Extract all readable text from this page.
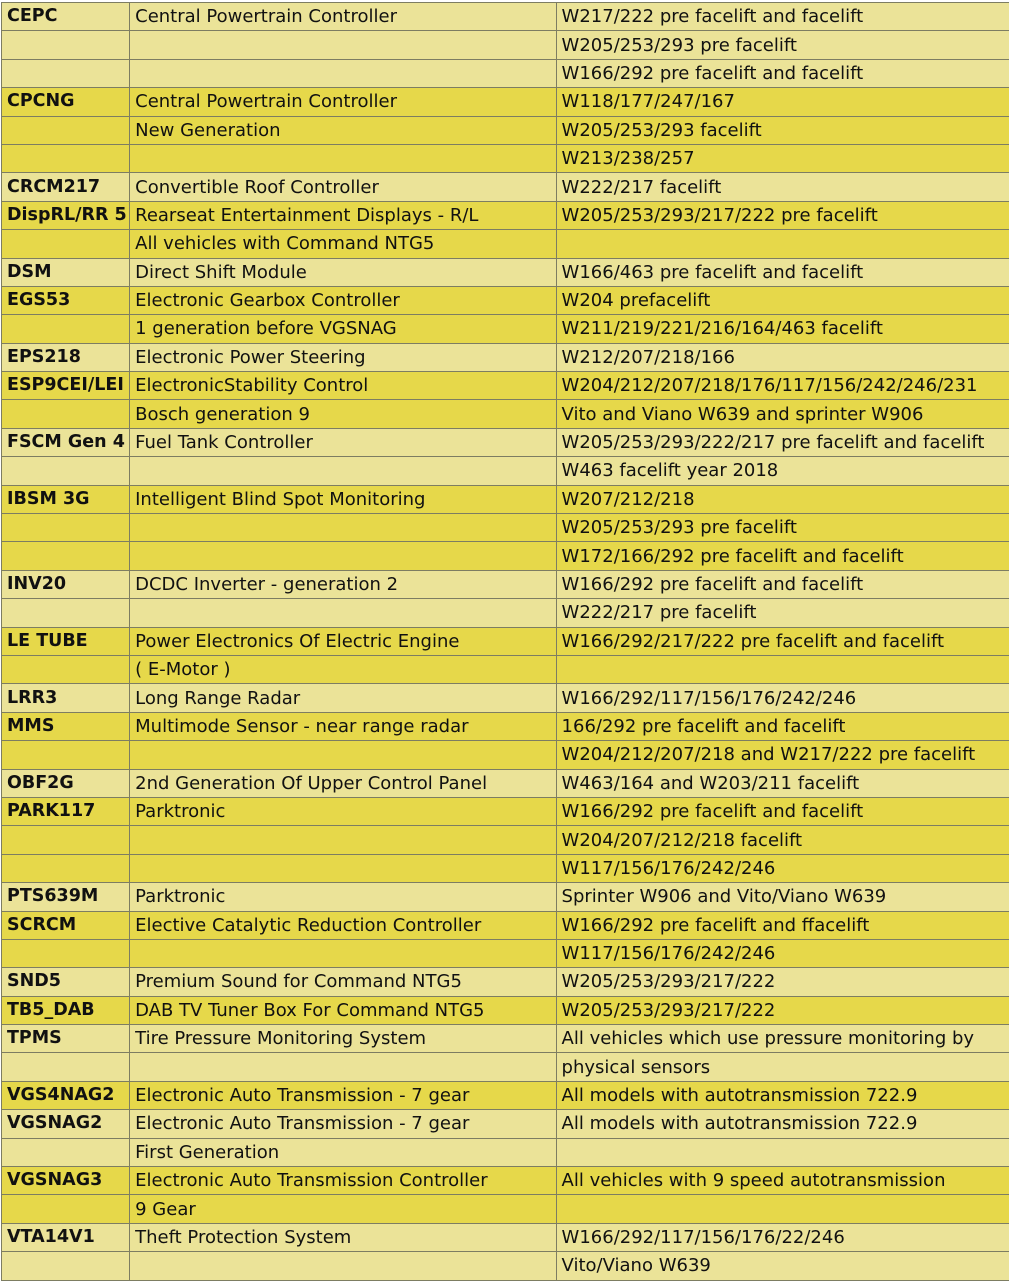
CEPC	Central Powertrain Controller	W217/222 pre facelift and facelift
		W205/253/293 pre facelift
		W166/292 pre facelift and facelift
CPCNG	Central Powertrain Controller	W118/177/247/167
	New Generation	W205/253/293 facelift
		W213/238/257
CRCM217	Convertible Roof Controller	W222/217 facelift
DispRL/RR 5	Rearseat Entertainment Displays - R/L	W205/253/293/217/222 pre facelift
	All vehicles with Command NTG5	
DSM	Direct Shift Module	W166/463 pre facelift and facelift
EGS53	Electronic Gearbox Controller	W204 prefacelift
	1 generation before VGSNAG	W211/219/221/216/164/463 facelift
EPS218	Electronic Power Steering	W212/207/218/166
ESP9CEI/LEI	ElectronicStability Control	W204/212/207/218/176/117/156/242/246/231
	Bosch generation 9	Vito and Viano W639 and sprinter W906
FSCM Gen 4	Fuel Tank Controller	W205/253/293/222/217 pre facelift and facelift
		W463 facelift year 2018
IBSM 3G	Intelligent Blind Spot Monitoring	W207/212/218
		W205/253/293 pre facelift
		W172/166/292 pre facelift and facelift
INV20	DCDC Inverter - generation 2	W166/292 pre facelift and facelift
		W222/217 pre facelift
LE TUBE	Power Electronics Of Electric Engine	W166/292/217/222 pre facelift and facelift
	( E-Motor )	
LRR3	Long Range Radar	W166/292/117/156/176/242/246
MMS	Multimode Sensor - near range radar	166/292 pre facelift and facelift
		W204/212/207/218 and W217/222 pre facelift
OBF2G	2nd Generation Of Upper Control Panel	W463/164 and W203/211 facelift
PARK117	Parktronic	W166/292 pre facelift and facelift
		W204/207/212/218 facelift
		W117/156/176/242/246
PTS639M	Parktronic	Sprinter W906 and Vito/Viano W639
SCRCM	Elective Catalytic Reduction Controller	W166/292 pre facelift and ffacelift
		W117/156/176/242/246
SND5	Premium Sound for Command NTG5	W205/253/293/217/222
TB5_DAB	DAB TV Tuner Box For Command NTG5	W205/253/293/217/222
TPMS	Tire Pressure Monitoring System	All vehicles which use pressure monitoring by
		physical sensors
VGS4NAG2	Electronic Auto Transmission - 7 gear	All models with autotransmission 722.9
VGSNAG2	Electronic Auto Transmission - 7 gear	All models with autotransmission 722.9
	First Generation	
VGSNAG3	Electronic Auto Transmission Controller	All vehicles with 9 speed autotransmission
	9 Gear	
VTA14V1	Theft Protection System	W166/292/117/156/176/22/246
		Vito/Viano W639
